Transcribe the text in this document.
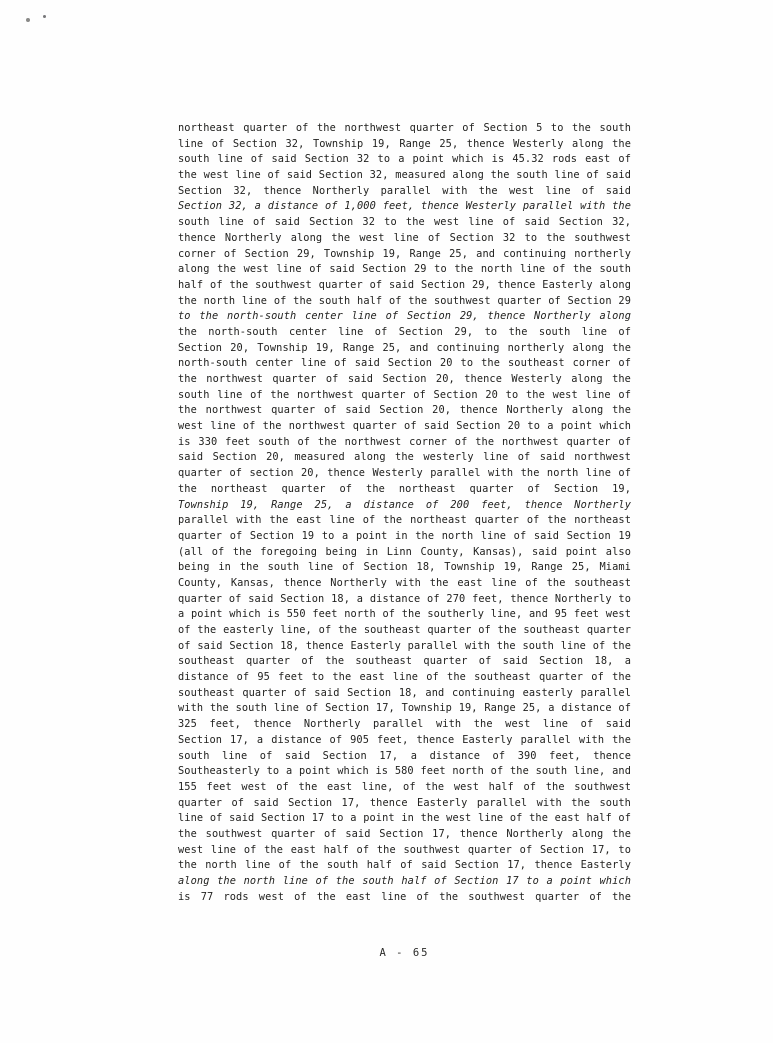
northeast quarter of the northwest quarter of Section 5 to the south
line of Section 32, Township 19, Range 25, thence Westerly along the
south line of said Section 32 to a point which is 45.32 rods east of
the west line of said Section 32, measured along the south line of said
Section 32, thence Northerly parallel with the west line of said
Section 32, a distance of 1,000 feet, thence Westerly parallel with the
south line of said Section 32 to the west line of said Section 32,
thence Northerly along the west line of Section 32 to the southwest
corner of Section 29, Township 19, Range 25, and continuing northerly
along the west line of said Section 29 to the north line of the south
half of the southwest quarter of said Section 29, thence Easterly along
the north line of the south half of the southwest quarter of Section 29
to the north-south center line of Section 29, thence Northerly along
the north-south center line of Section 29, to the south line of
Section 20, Township 19, Range 25, and continuing northerly along the
north-south center line of said Section 20 to the southeast corner of
the northwest quarter of said Section 20, thence Westerly along the
south line of the northwest quarter of Section 20 to the west line of
the northwest quarter of said Section 20, thence Northerly along the
west line of the northwest quarter of said Section 20 to a point which
is 330 feet south of the northwest corner of the northwest quarter of
said Section 20, measured along the westerly line of said northwest
quarter of section 20, thence Westerly parallel with the north line of
the northeast quarter of the northeast quarter of Section 19,
Township 19, Range 25, a distance of 200 feet, thence Northerly
parallel with the east line of the northeast quarter of the northeast
quarter of Section 19 to a point in the north line of said Section 19
(all of the foregoing being in Linn County, Kansas), said point also
being in the south line of Section 18, Township 19, Range 25, Miami
County, Kansas, thence Northerly with the east line of the southeast
quarter of said Section 18, a distance of 270 feet, thence Northerly to
a point which is 550 feet north of the southerly line, and 95 feet west
of the easterly line, of the southeast quarter of the southeast quarter
of said Section 18, thence Easterly parallel with the south line of the
southeast quarter of the southeast quarter of said Section 18, a
distance of 95 feet to the east line of the southeast quarter of the
southeast quarter of said Section 18, and continuing easterly parallel
with the south line of Section 17, Township 19, Range 25, a distance of
325 feet, thence Northerly parallel with the west line of said
Section 17, a distance of 905 feet, thence Easterly parallel with the
south line of said Section 17, a distance of 390 feet, thence
Southeasterly to a point which is 580 feet north of the south line, and
155 feet west of the east line, of the west half of the southwest
quarter of said Section 17, thence Easterly parallel with the south
line of said Section 17 to a point in the west line of the east half of
the southwest quarter of said Section 17, thence Northerly along the
west line of the east half of the southwest quarter of Section 17, to
the north line of the south half of said Section 17, thence Easterly
along the north line of the south half of Section 17 to a point which
is 77 rods west of the east line of the southwest quarter of the
A - 65
